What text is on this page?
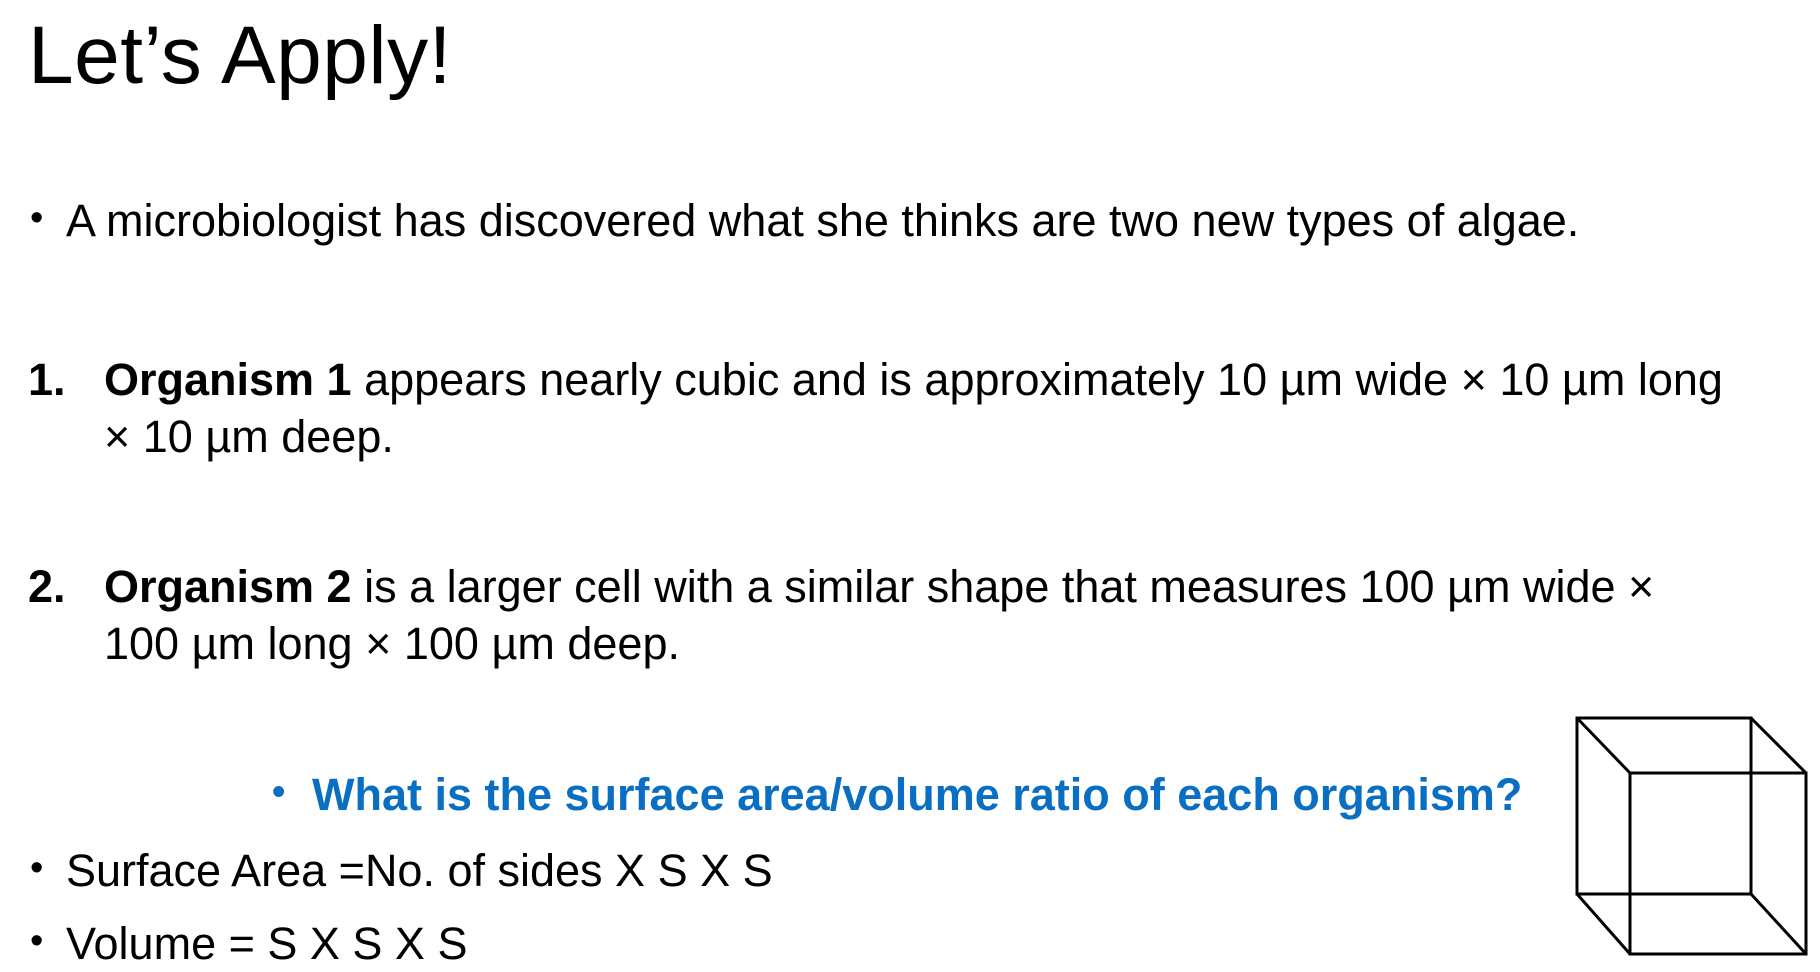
Let’s Apply!
• A microbiologist has discovered what she thinks are two new types of algae.
1. Organism 1 appears nearly cubic and is approximately 10 µm wide × 10 µm long
× 10 µm deep.
2. Organism 2 is a larger cell with a similar shape that measures 100 µm wide ×
100 µm long × 100 µm deep.
• What is the surface area/volume ratio of each organism?
• Surface Area =No. of sides X S X S
• Volume = S X S X S
